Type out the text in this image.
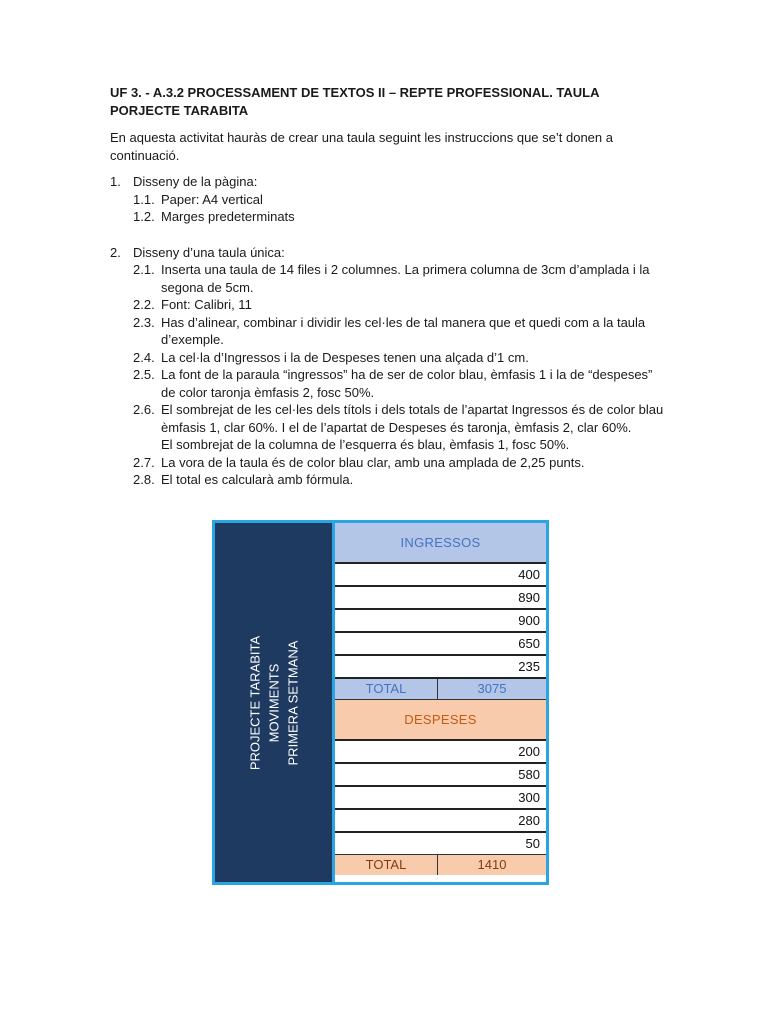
UF 3. - A.3.2 PROCESSAMENT DE TEXTOS II – REPTE PROFESSIONAL. TAULA PORJECTE TARABITA

En aquesta activitat hauràs de crear una taula seguint les instruccions que se’t donen a continuació.

1. Disseny de la pàgina:
1.1. Paper: A4 vertical
1.2. Marges predeterminats
2. Disseny d’una taula única:
2.1. Inserta una taula de 14 files i 2 columnes. La primera columna de 3cm d’amplada i la segona de 5cm.
2.2. Font: Calibri, 11
2.3. Has d’alinear, combinar i dividir les cel·les de tal manera que et quedi com a la taula d’exemple.
2.4. La cel·la d’Ingressos i la de Despeses tenen una alçada d’1 cm.
2.5. La font de la paraula “ingressos” ha de ser de color blau, èmfasis 1 i la de “despeses” de color taronja èmfasis 2, fosc 50%.
2.6. El sombrejat de les cel·les dels títols i dels totals de l’apartat Ingressos és de color blau èmfasis 1, clar 60%. I el de l’apartat de Despeses és taronja, èmfasis 2, clar 60%.
El sombrejat de la columna de l’esquerra és blau, èmfasis 1, fosc 50%.
2.7. La vora de la taula és de color blau clar, amb una amplada de 2,25 punts.
2.8. El total es calcularà amb fórmula.
PROJECTE TARABITA MOVIMENTS PRIMERA SETMANA
INGRESSOS
400
890
900
650
235
TOTAL	3075
DESPESES
200
580
300
280
50
TOTAL	1410
